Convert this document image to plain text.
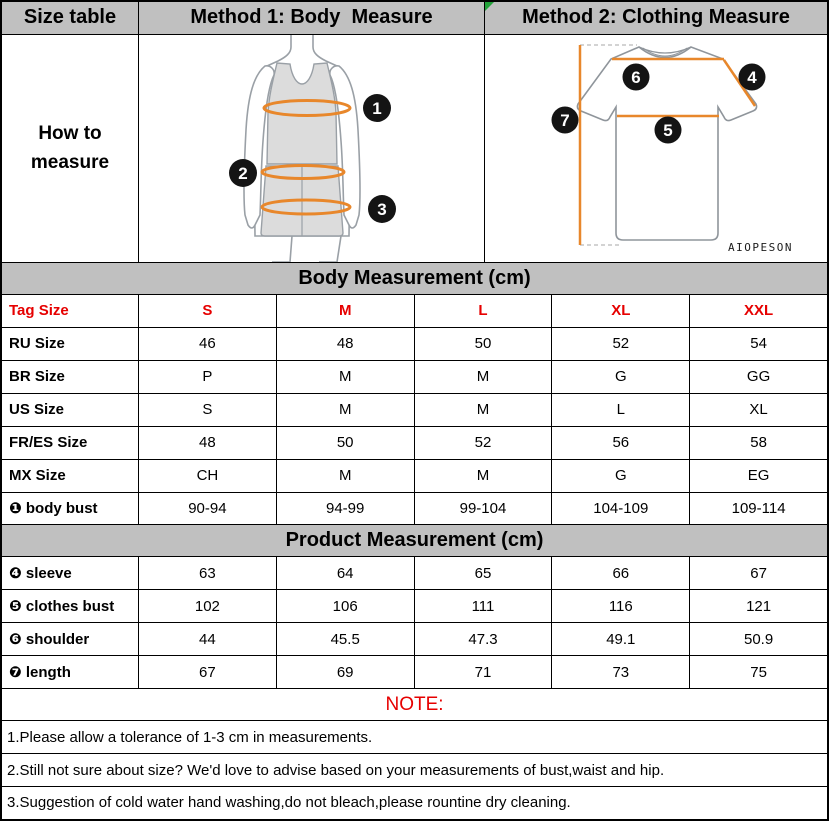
Size table	Method 1: Body  Measure	Method 2: Clothing Measure
How to measure
1
2
3
6	4
7
5
AIOPESON
Body Measurement (cm)
Tag Size	S	M	L	XL	XXL
RU Size	46	48	50	52	54
BR Size	P	M	M	G	GG
US Size	S	M	M	L	XL
FR/ES Size	48	50	52	56	58
MX Size	CH	M	M	G	EG
❶ body bust	90-94	94-99	99-104	104-109	109-114
Product Measurement (cm)
❹ sleeve	63	64	65	66	67
❺ clothes bust	102	106	111	116	121
❻ shoulder	44	45.5	47.3	49.1	50.9
❼ length	67	69	71	73	75
NOTE:
1.Please allow a tolerance of 1-3 cm in measurements.
2.Still not sure about size? We'd love to advise based on your measurements of bust,waist and hip.
3.Suggestion of cold water hand washing,do not bleach,please rountine dry cleaning.
